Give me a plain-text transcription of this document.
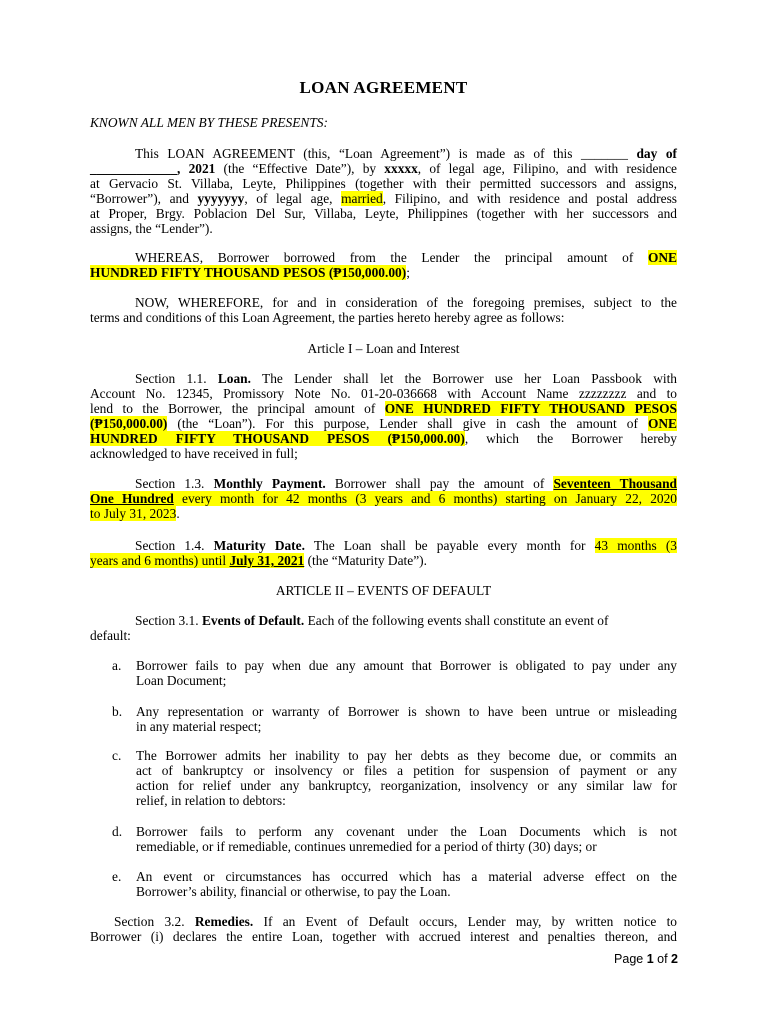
LOAN AGREEMENT
KNOWN ALL MEN BY THESE PRESENTS:
This LOAN AGREEMENT (this, “Loan Agreement”) is made as of this _______ day of
_____________, 2021 (the “Effective Date”), by xxxxx, of legal age, Filipino, and with residence
at Gervacio St. Villaba, Leyte, Philippines (together with their permitted successors and assigns,
“Borrower”), and yyyyyyy, of legal age, married, Filipino, and with residence and postal address
at Proper, Brgy. Poblacion Del Sur, Villaba, Leyte, Philippines (together with her successors and
assigns, the “Lender”).
WHEREAS, Borrower borrowed from the Lender the principal amount of ONE
HUNDRED FIFTY THOUSAND PESOS (₱150,000.00);
NOW, WHEREFORE, for and in consideration of the foregoing premises, subject to the
terms and conditions of this Loan Agreement, the parties hereto hereby agree as follows:
Article I – Loan and Interest
Section 1.1. Loan. The Lender shall let the Borrower use her Loan Passbook with
Account No. 12345, Promissory Note No. 01-20-036668 with Account Name zzzzzzzz and to
lend to the Borrower, the principal amount of ONE HUNDRED FIFTY THOUSAND PESOS
(₱150,000.00) (the “Loan”). For this purpose, Lender shall give in cash the amount of ONE
HUNDRED FIFTY THOUSAND PESOS (₱150,000.00), which the Borrower hereby
acknowledged to have received in full;
Section 1.3. Monthly Payment. Borrower shall pay the amount of Seventeen Thousand
One Hundred every month for 42 months (3 years and 6 months) starting on January 22, 2020
to July 31, 2023.
Section 1.4. Maturity Date. The Loan shall be payable every month for 43 months (3
years and 6 months) until July 31, 2021 (the “Maturity Date”).
ARTICLE II – EVENTS OF DEFAULT
Section 3.1. Events of Default. Each of the following events shall constitute an event of
default:
a. Borrower fails to pay when due any amount that Borrower is obligated to pay under any
Loan Document;
b. Any representation or warranty of Borrower is shown to have been untrue or misleading
in any material respect;
c. The Borrower admits her inability to pay her debts as they become due, or commits an
act of bankruptcy or insolvency or files a petition for suspension of payment or any
action for relief under any bankruptcy, reorganization, insolvency or any similar law for
relief, in relation to debtors:
d. Borrower fails to perform any covenant under the Loan Documents which is not
remediable, or if remediable, continues unremedied for a period of thirty (30) days; or
e. An event or circumstances has occurred which has a material adverse effect on the
Borrower’s ability, financial or otherwise, to pay the Loan.
Section 3.2. Remedies. If an Event of Default occurs, Lender may, by written notice to
Borrower (i) declares the entire Loan, together with accrued interest and penalties thereon, and
Page 1 of 2
